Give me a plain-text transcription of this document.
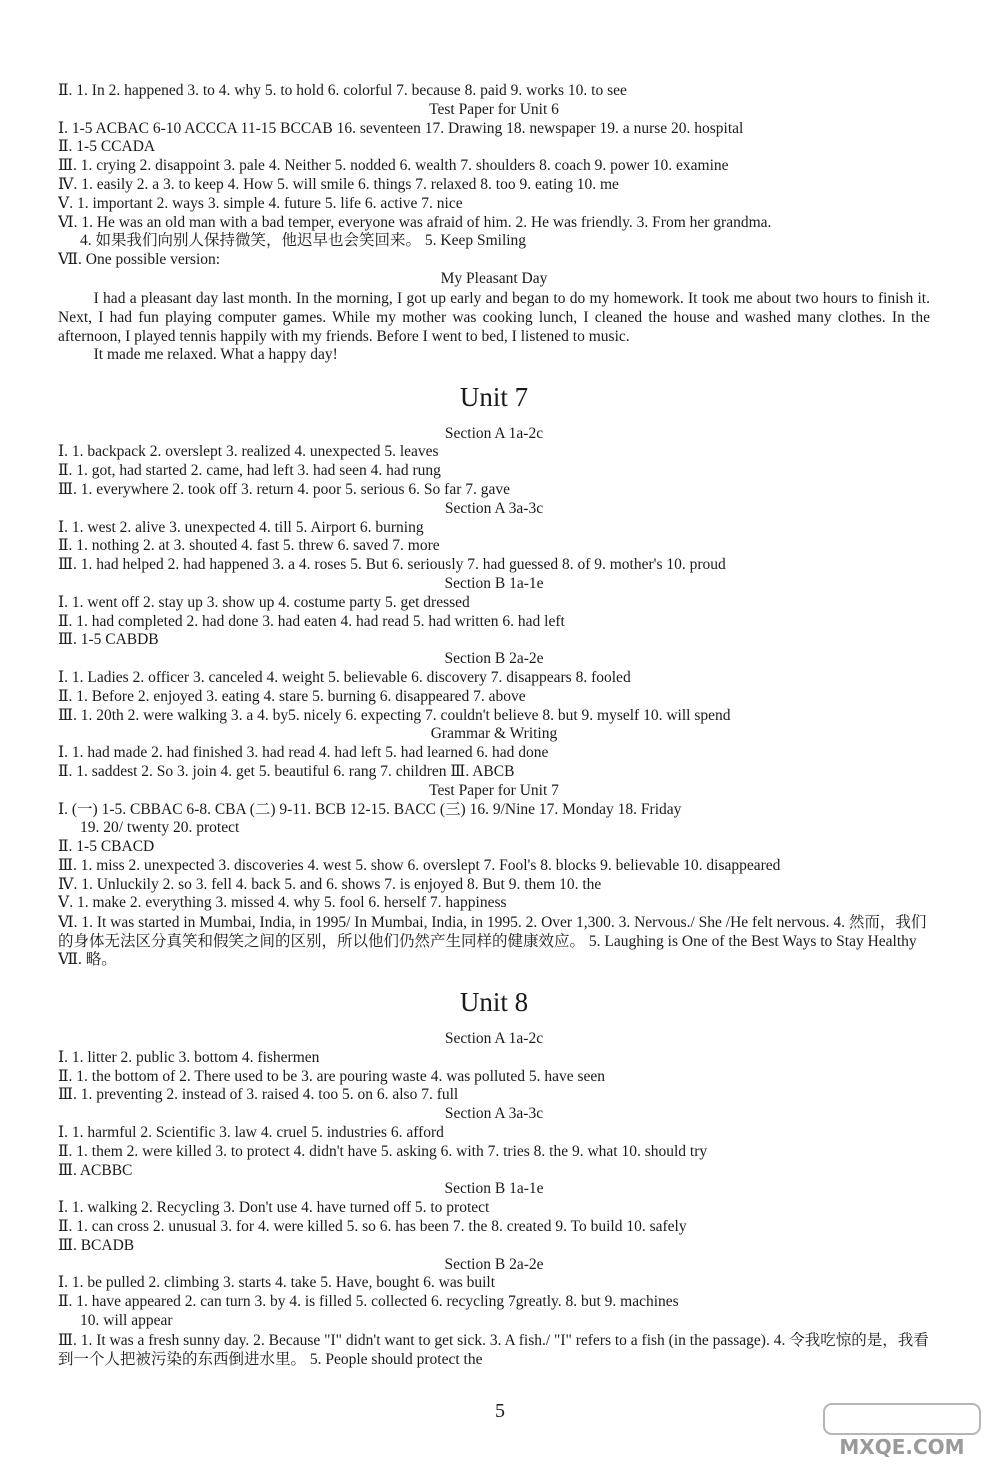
Ⅱ. 1. In 2. happened 3. to 4. why 5. to hold 6. colorful 7. because 8. paid 9. works 10. to see
Test Paper for Unit 6
Ⅰ. 1-5 ACBAC 6-10 ACCCA 11-15 BCCAB 16. seventeen 17. Drawing 18. newspaper 19. a nurse 20. hospital
Ⅱ. 1-5 CCADA
Ⅲ. 1. crying 2. disappoint 3. pale 4. Neither 5. nodded 6. wealth 7. shoulders 8. coach 9. power 10. examine
Ⅳ. 1. easily 2. a 3. to keep 4. How 5. will smile 6. things 7. relaxed 8. too 9. eating 10. me
Ⅴ. 1. important 2. ways 3. simple 4. future 5. life 6. active 7. nice
Ⅵ. 1. He was an old man with a bad temper, everyone was afraid of him. 2. He was friendly. 3. From her grandma.
4. 如果我们向别人保持微笑，他迟早也会笑回来。 5. Keep Smiling
Ⅶ. One possible version:
My Pleasant Day
I had a pleasant day last month. In the morning, I got up early and began to do my homework. It took me about two hours to finish it. Next, I had fun playing computer games. While my mother was cooking lunch, I cleaned the house and washed many clothes. In the afternoon, I played tennis happily with my friends. Before I went to bed, I listened to music.
It made me relaxed. What a happy day!
Unit 7
Section A 1a-2c
Ⅰ. 1. backpack 2. overslept 3. realized 4. unexpected 5. leaves
Ⅱ. 1. got, had started 2. came, had left 3. had seen 4. had rung
Ⅲ. 1. everywhere 2. took off 3. return 4. poor 5. serious 6. So far 7. gave
Section A 3a-3c
Ⅰ. 1. west 2. alive 3. unexpected 4. till 5. Airport 6. burning
Ⅱ. 1. nothing 2. at 3. shouted 4. fast 5. threw 6. saved 7. more
Ⅲ. 1. had helped 2. had happened 3. a 4. roses 5. But 6. seriously 7. had guessed 8. of 9. mother's 10. proud
Section B 1a-1e
Ⅰ. 1. went off 2. stay up 3. show up 4. costume party 5. get dressed
Ⅱ. 1. had completed 2. had done 3. had eaten 4. had read 5. had written 6. had left
Ⅲ. 1-5 CABDB
Section B 2a-2e
Ⅰ. 1. Ladies 2. officer 3. canceled 4. weight 5. believable 6. discovery 7. disappears 8. fooled
Ⅱ. 1. Before 2. enjoyed 3. eating 4. stare 5. burning 6. disappeared 7. above
Ⅲ. 1. 20th 2. were walking 3. a 4. by5. nicely 6. expecting 7. couldn't believe 8. but 9. myself 10. will spend
Grammar & Writing
Ⅰ. 1. had made 2. had finished 3. had read 4. had left 5. had learned 6. had done
Ⅱ. 1. saddest 2. So 3. join 4. get 5. beautiful 6. rang 7. children Ⅲ. ABCB
Test Paper for Unit 7
Ⅰ. (一) 1-5. CBBAC 6-8. CBA (二) 9-11. BCB 12-15. BACC (三) 16. 9/Nine 17. Monday 18. Friday
19. 20/ twenty 20. protect
Ⅱ. 1-5 CBACD
Ⅲ. 1. miss 2. unexpected 3. discoveries 4. west 5. show 6. overslept 7. Fool's 8. blocks 9. believable 10. disappeared
Ⅳ. 1. Unluckily 2. so 3. fell 4. back 5. and 6. shows 7. is enjoyed 8. But 9. them 10. the
Ⅴ. 1. make 2. everything 3. missed 4. why 5. fool 6. herself 7. happiness
Ⅵ. 1. It was started in Mumbai, India, in 1995/ In Mumbai, India, in 1995. 2. Over 1,300. 3. Nervous./ She /He felt nervous. 4. 然而，我们的身体无法区分真笑和假笑之间的区别，所以他们仍然产生同样的健康效应。 5. Laughing is One of the Best Ways to Stay Healthy
Ⅶ. 略。
Unit 8
Section A 1a-2c
Ⅰ. 1. litter 2. public 3. bottom 4. fishermen
Ⅱ. 1. the bottom of 2. There used to be 3. are pouring waste 4. was polluted 5. have seen
Ⅲ. 1. preventing 2. instead of 3. raised 4. too 5. on 6. also 7. full
Section A 3a-3c
Ⅰ. 1. harmful 2. Scientific 3. law 4. cruel 5. industries 6. afford
Ⅱ. 1. them 2. were killed 3. to protect 4. didn't have 5. asking 6. with 7. tries 8. the 9. what 10. should try
Ⅲ. ACBBC
Section B 1a-1e
Ⅰ. 1. walking 2. Recycling 3. Don't use 4. have turned off 5. to protect
Ⅱ. 1. can cross 2. unusual 3. for 4. were killed 5. so 6. has been 7. the 8. created 9. To build 10. safely
Ⅲ. BCADB
Section B 2a-2e
Ⅰ. 1. be pulled 2. climbing 3. starts 4. take 5. Have, bought 6. was built
Ⅱ. 1. have appeared 2. can turn 3. by 4. is filled 5. collected 6. recycling 7greatly. 8. but 9. machines
10. will appear
Ⅲ. 1. It was a fresh sunny day. 2. Because "I" didn't want to get sick. 3. A fish./ "I" refers to a fish (in the passage). 4. 令我吃惊的是，我看到一个人把被污染的东西倒进水里。 5. People should protect the
5
MXQE.COM
